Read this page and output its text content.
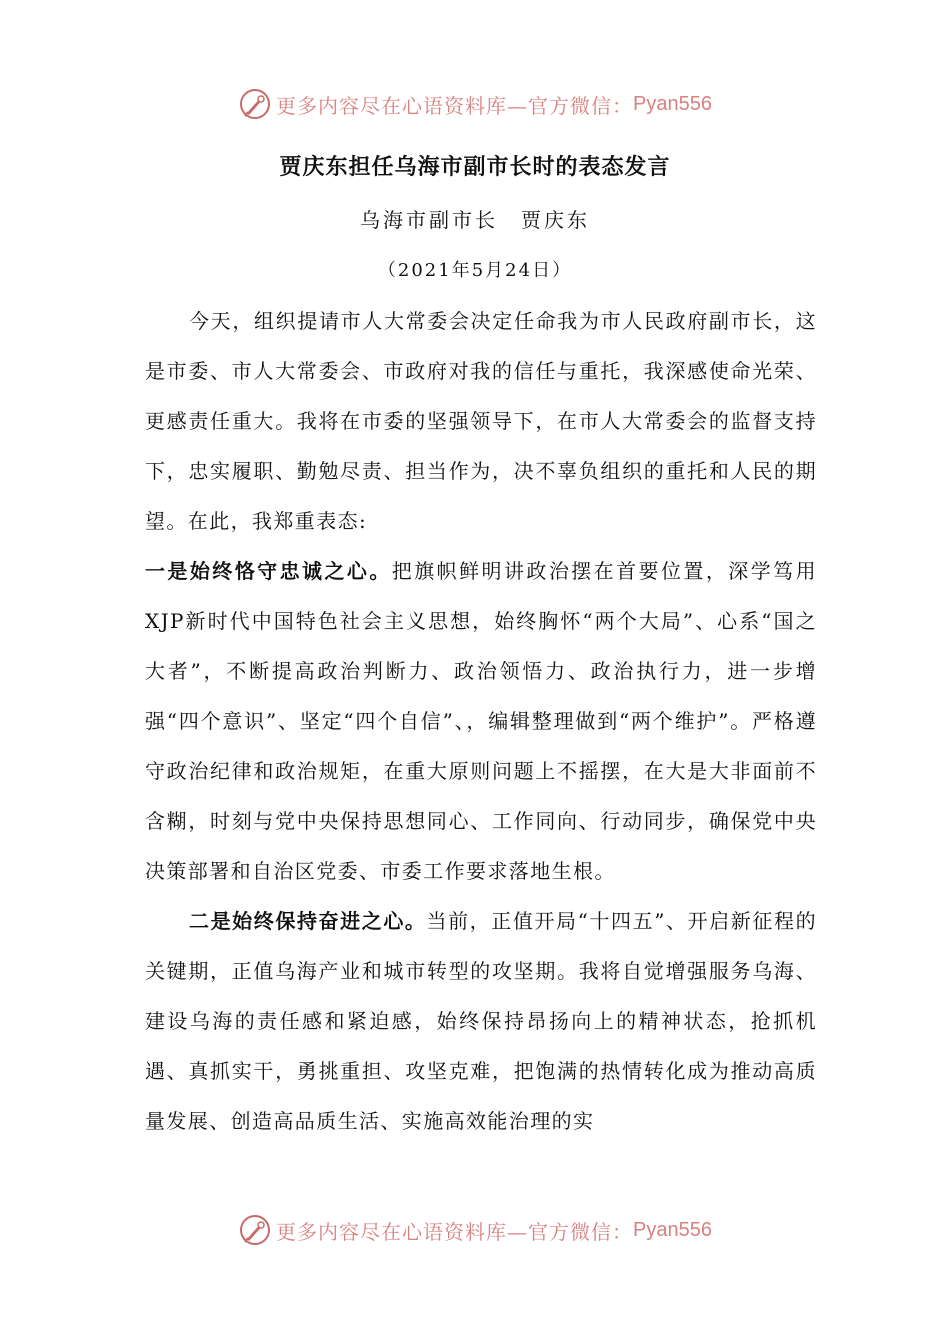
更多内容尽在心语资料库—官方微信： Pyan556
贾庆东担任乌海市副市长时的表态发言
乌海市副市长　贾庆东
（2021年5月24日）

今天，组织提请市人大常委会决定任命我为市人民政府副市长，这是市委、市人大常委会、市政府对我的信任与重托，我深感使命光荣、更感责任重大。我将在市委的坚强领导下，在市人大常委会的监督支持下，忠实履职、勤勉尽责、担当作为，决不辜负组织的重托和人民的期望。在此，我郑重表态:

一是始终恪守忠诚之心。把旗帜鲜明讲政治摆在首要位置，深学笃用XJP新时代中国特色社会主义思想，始终胸怀“两个大局”、心系“国之大者”，不断提高政治判断力、政治领悟力、政治执行力，进一步增强“四个意识”、坚定“四个自信”、，编辑整理做到“两个维护”。严格遵守政治纪律和政治规矩，在重大原则问题上不摇摆，在大是大非面前不含糊，时刻与党中央保持思想同心、工作同向、行动同步，确保党中央决策部署和自治区党委、市委工作要求落地生根。

二是始终保持奋进之心。当前，正值开局“十四五”、开启新征程的关键期，正值乌海产业和城市转型的攻坚期。我将自觉增强服务乌海、建设乌海的责任感和紧迫感，始终保持昂扬向上的精神状态，抢抓机遇、真抓实干，勇挑重担、攻坚克难，把饱满的热情转化成为推动高质量发展、创造高品质生活、实施高效能治理的实

更多内容尽在心语资料库—官方微信： Pyan556
